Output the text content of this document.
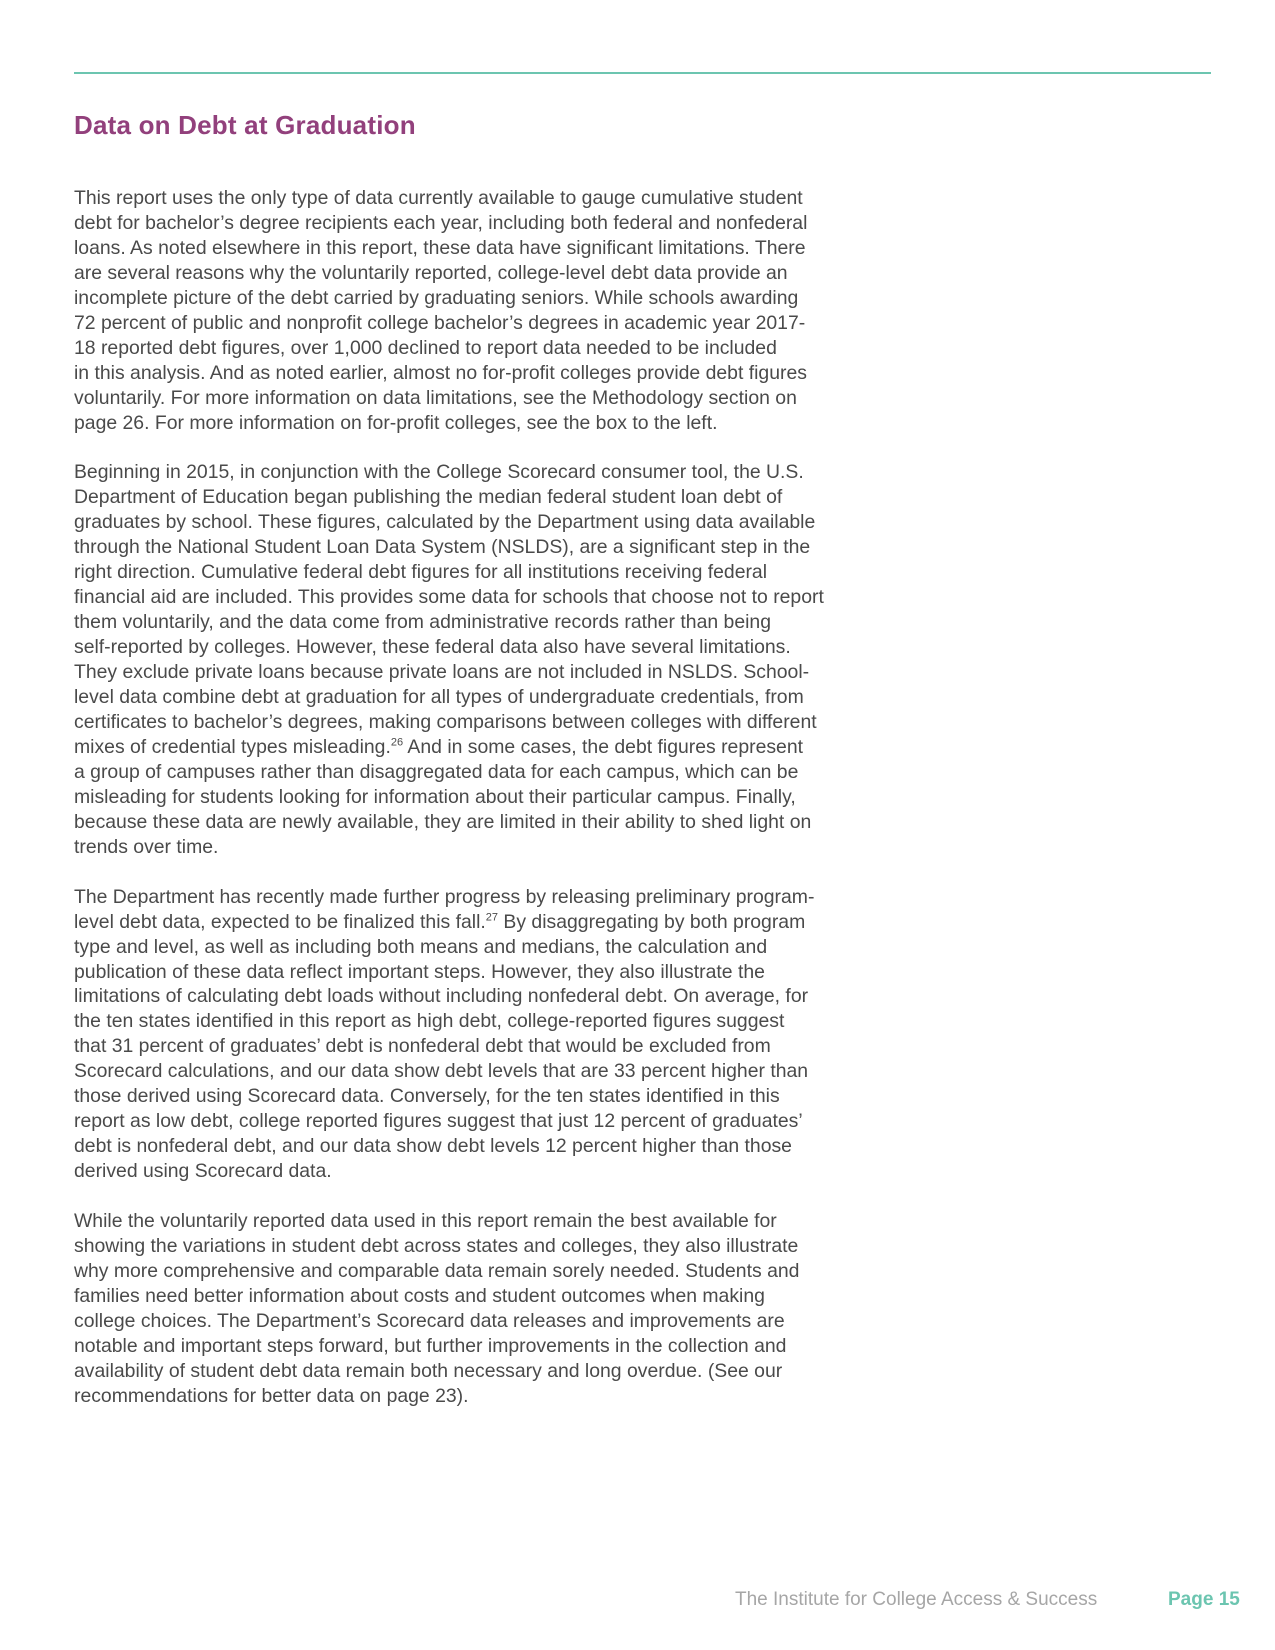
Data on Debt at Graduation

This report uses the only type of data currently available to gauge cumulative student
debt for bachelor’s degree recipients each year, including both federal and nonfederal
loans. As noted elsewhere in this report, these data have significant limitations. There
are several reasons why the voluntarily reported, college-level debt data provide an
incomplete picture of the debt carried by graduating seniors. While schools awarding
72 percent of public and nonprofit college bachelor’s degrees in academic year 2017-
18 reported debt figures, over 1,000 declined to report data needed to be included
in this analysis. And as noted earlier, almost no for-profit colleges provide debt figures
voluntarily. For more information on data limitations, see the Methodology section on
page 26. For more information on for-profit colleges, see the box to the left.

Beginning in 2015, in conjunction with the College Scorecard consumer tool, the U.S.
Department of Education began publishing the median federal student loan debt of
graduates by school. These figures, calculated by the Department using data available
through the National Student Loan Data System (NSLDS), are a significant step in the
right direction. Cumulative federal debt figures for all institutions receiving federal
financial aid are included. This provides some data for schools that choose not to report
them voluntarily, and the data come from administrative records rather than being
self-reported by colleges. However, these federal data also have several limitations.
They exclude private loans because private loans are not included in NSLDS. School-
level data combine debt at graduation for all types of undergraduate credentials, from
certificates to bachelor’s degrees, making comparisons between colleges with different
mixes of credential types misleading.$^{26}$ And in some cases, the debt figures represent
a group of campuses rather than disaggregated data for each campus, which can be
misleading for students looking for information about their particular campus. Finally,
because these data are newly available, they are limited in their ability to shed light on
trends over time.

The Department has recently made further progress by releasing preliminary program-
level debt data, expected to be finalized this fall.$^{27}$ By disaggregating by both program
type and level, as well as including both means and medians, the calculation and
publication of these data reflect important steps. However, they also illustrate the
limitations of calculating debt loads without including nonfederal debt. On average, for
the ten states identified in this report as high debt, college-reported figures suggest
that 31 percent of graduates’ debt is nonfederal debt that would be excluded from
Scorecard calculations, and our data show debt levels that are 33 percent higher than
those derived using Scorecard data. Conversely, for the ten states identified in this
report as low debt, college reported figures suggest that just 12 percent of graduates’
debt is nonfederal debt, and our data show debt levels 12 percent higher than those
derived using Scorecard data.

While the voluntarily reported data used in this report remain the best available for
showing the variations in student debt across states and colleges, they also illustrate
why more comprehensive and comparable data remain sorely needed. Students and
families need better information about costs and student outcomes when making
college choices. The Department’s Scorecard data releases and improvements are
notable and important steps forward, but further improvements in the collection and
availability of student debt data remain both necessary and long overdue. (See our
recommendations for better data on page 23).

The Institute for College Access & Success	Page 15
